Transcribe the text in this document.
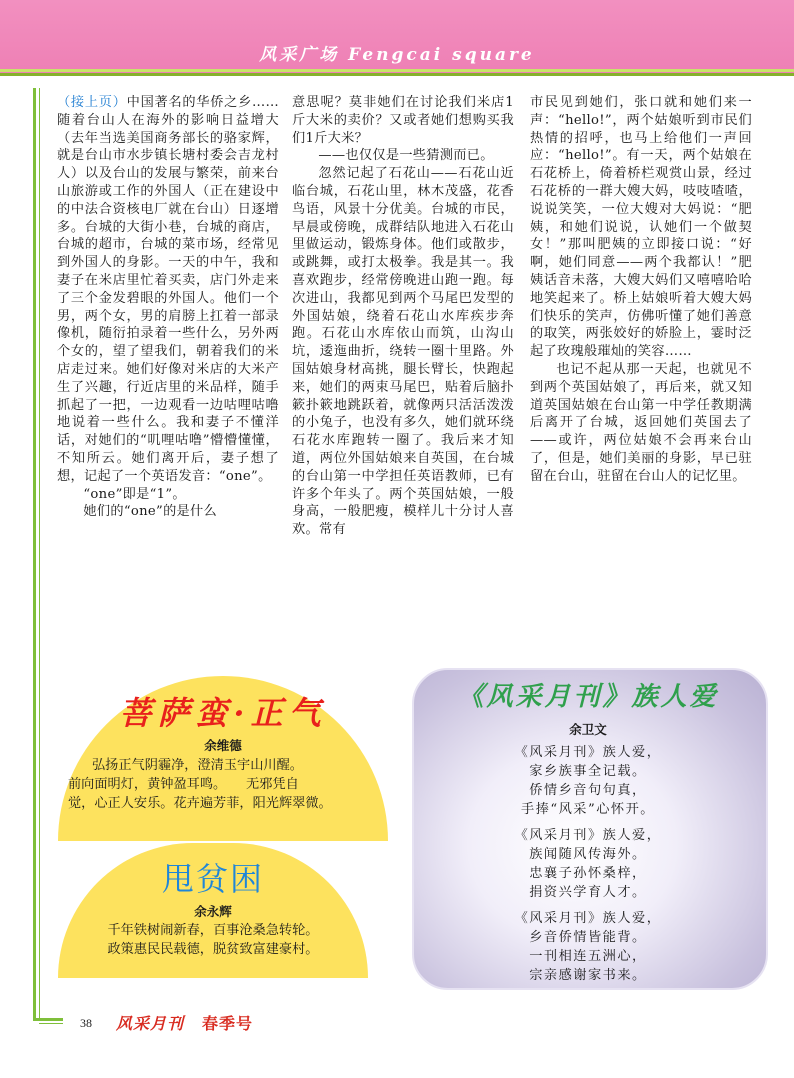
风采广场 Fengcai square

（接上页）中国著名的华侨之乡……随着台山人在海外的影响日益增大（去年当选美国商务部长的骆家辉，就是台山市水步镇长塘村委会吉龙村人）以及台山的发展与繁荣，前来台山旅游或工作的外国人（正在建设中的中法合资核电厂就在台山）日逐增多。台城的大街小巷，台城的商店，台城的超市，台城的菜市场，经常见到外国人的身影。一天的中午，我和妻子在米店里忙着买卖，店门外走来了三个金发碧眼的外国人。他们一个男，两个女，男的肩膀上扛着一部录像机，随衍拍录着一些什么，另外两个女的，望了望我们，朝着我们的米店走过来。她们好像对米店的大米产生了兴趣，行近店里的米品样，随手抓起了一把，一边观看一边咕哩咕噜地说着一些什么。我和妻子不懂洋话，对她们的“叽哩咕噜”懵懵懂懂，不知所云。她们离开后，妻子想了想，记起了一个英语发音：“one”。

“one”即是“1”。

她们的“one”的是什么

意思呢？莫非她们在讨论我们米店1斤大米的卖价？又或者她们想购买我们1斤大米？

——也仅仅是一些猜测而已。

忽然记起了石花山——石花山近临台城，石花山里，林木茂盛，花香鸟语，风景十分优美。台城的市民，早晨或傍晚，成群结队地进入石花山里做运动，锻炼身体。他们或散步，或跳舞，或打太极拳。我是其一。我喜欢跑步，经常傍晚进山跑一跑。每次进山，我都见到两个马尾巴发型的外国姑娘，绕着石花山水库疾步奔跑。石花山水库依山而筑，山沟山坑，逶迤曲折，绕转一圈十里路。外国姑娘身材高挑，腿长臂长，快跑起来，她们的两束马尾巴，贴着后脑扑簌扑簌地跳跃着，就像两只活活泼泼的小兔子，也没有多久，她们就环绕石花水库跑转一圈了。我后来才知道，两位外国姑娘来自英国，在台城的台山第一中学担任英语教师，已有许多个年头了。两个英国姑娘，一般身高，一般肥瘦，模样儿十分讨人喜欢。常有

市民见到她们，张口就和她们来一声：“hello!”，两个姑娘听到市民们热情的招呼，也马上给他们一声回应：“hello!”。有一天，两个姑娘在石花桥上，倚着桥栏观赏山景，经过石花桥的一群大嫂大妈，吱吱喳喳，说说笑笑，一位大嫂对大妈说：“肥姨，和她们说说，认她们一个做契女！”那叫肥姨的立即接口说：“好啊，她们同意——两个我都认！”肥姨话音未落，大嫂大妈们又嘻嘻哈哈地笑起来了。桥上姑娘听着大嫂大妈们快乐的笑声，仿佛听懂了她们善意的取笑，两张姣好的娇脸上，霎时泛起了玫瑰般璀灿的笑容……

也记不起从那一天起，也就见不到两个英国姑娘了，再后来，就又知道英国姑娘在台山第一中学任教期满后离开了台城，返回她们英国去了——或许，两位姑娘不会再来台山了，但是，她们美丽的身影，早已驻留在台山，驻留在台山人的记忆里。

菩萨蛮·正气
余维德
弘扬正气阴霾净，澄清玉宇山川醒。
前向面明灯，黄钟盈耳鸣。　　无邪凭自
觉，心正人安乐。花卉遍芳菲，阳光辉翠微。
甩贫困
余永辉
千年铁树闹新春，百事沧桑急转轮。
政策惠民民载德，脱贫致富建豪村。
《风采月刊》族人爱
余卫文
《风采月刊》族人爱，
家乡族事全记载。
侨情乡音句句真，
手捧“风采”心怀开。
《风采月刊》族人爱，
族闻随风传海外。
忠襄子孙怀桑梓，
捐资兴学育人才。
《风采月刊》族人爱，
乡音侨情皆能背。
一刊相连五洲心，
宗亲感谢家书来。
38 风采月刊 春季号
